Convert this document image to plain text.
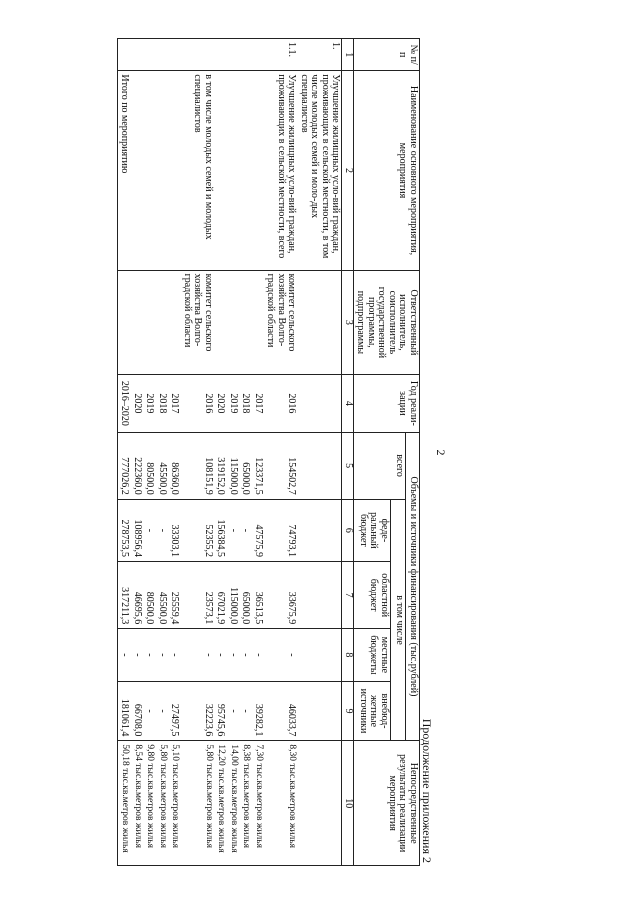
2
Продолжение приложения 2
№ п/п	Наименование основного мероприятия, мероприятия	Ответственный исполнитель, соисполнитель государственной программы, подпрограммы	Год реали-зации	Объемы и источники финансирования (тыс.рублей)					Непосредственные результаты реализации мероприятия
				всего	в том числе				
					феде-ральный бюджет	областной бюджет	местные бюджеты	внебюд-жетные источники	
1	2	3	4	5	6	7	8	9	10
1.	Улучшение жилищных усло-вий граждан, проживающих в сельской местности, в том числе молодых семей и моло-дых специалистов								
1.1.	Улучшение жилищных усло-вий граждан, проживающих в сельской местности, всего	комитет сельского хозяйства Волго-градской области	2016	154502,7	74793,1	33675,9	-	46033,7	8,30 тыс.кв.метров жилья
			2017	123371,5	47575,9	36513,5	-	39282,1	7,30 тыс.кв.метров жилья
			2018	65000,0	-	65000,0	-	-	8,38 тыс.кв.метров жилья
			2019	115000,0	-	115000,0	-	-	14,00 тыс.кв.метров жилья
			2020	319152,0	156384,5	67021,9	-	95745,6	12,20 тыс.кв.метров жилья
	в том числе молодых семей и молодых специалистов	комитет сельского хозяйства Волго-градской области	2016	108151,9	52355,2	23573,1	-	32223,6	5,80 тыс.кв.метров жилья
			2017	86360,0	33303,1	25559,4	-	27497,5	5,10 тыс.кв.метров жилья
			2018	45500,0	-	45500,0	-	-	5,80 тыс.кв.метров жилья
			2019	80500,0	-	80500,0	-	-	9,80 тыс.кв.метров жилья
			2020	222360,0	108956,4	46695,6	-	66708,0	8,54 тыс.кв.метров жилья
	Итого по мероприятию		2016–2020	777026,2	278753,5	317211,3	-	181061,4	50,18 тыс.кв.метров жилья
